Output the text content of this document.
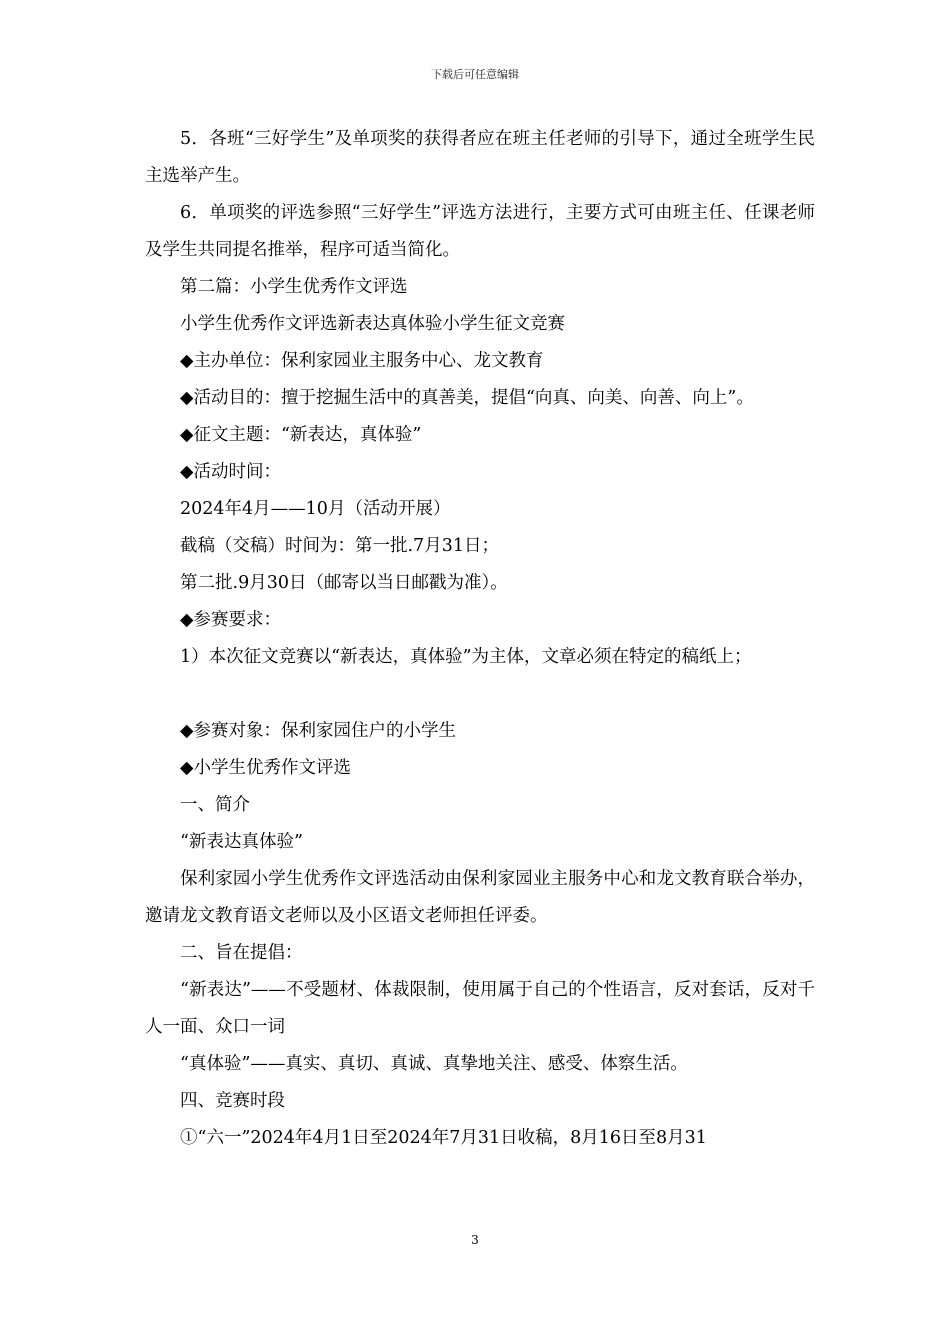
下载后可任意编辑

5．各班“三好学生”及单项奖的获得者应在班主任老师的引导下，通过全班学生民主选举产生。

6．单项奖的评选参照“三好学生”评选方法进行，主要方式可由班主任、任课老师及学生共同提名推举，程序可适当简化。

第二篇：小学生优秀作文评选

小学生优秀作文评选新表达真体验小学生征文竞赛

◆主办单位：保利家园业主服务中心、龙文教育

◆活动目的：擅于挖掘生活中的真善美，提倡“向真、向美、向善、向上”。

◆征文主题：“新表达，真体验”

◆活动时间：

2024年4月——10月（活动开展）

截稿（交稿）时间为：第一批.7月31日；

第二批.9月30日（邮寄以当日邮戳为准）。

◆参赛要求：

1）本次征文竞赛以“新表达，真体验”为主体，文章必须在特定的稿纸上；

◆参赛对象：保利家园住户的小学生

◆小学生优秀作文评选

一、简介

“新表达真体验”

保利家园小学生优秀作文评选活动由保利家园业主服务中心和龙文教育联合举办，邀请龙文教育语文老师以及小区语文老师担任评委。

二、旨在提倡：

“新表达”——不受题材、体裁限制，使用属于自己的个性语言，反对套话，反对千人一面、众口一词

“真体验”——真实、真切、真诚、真挚地关注、感受、体察生活。

四、竞赛时段

①“六一”2024年4月1日至2024年7月31日收稿，8月16日至8月31

3
